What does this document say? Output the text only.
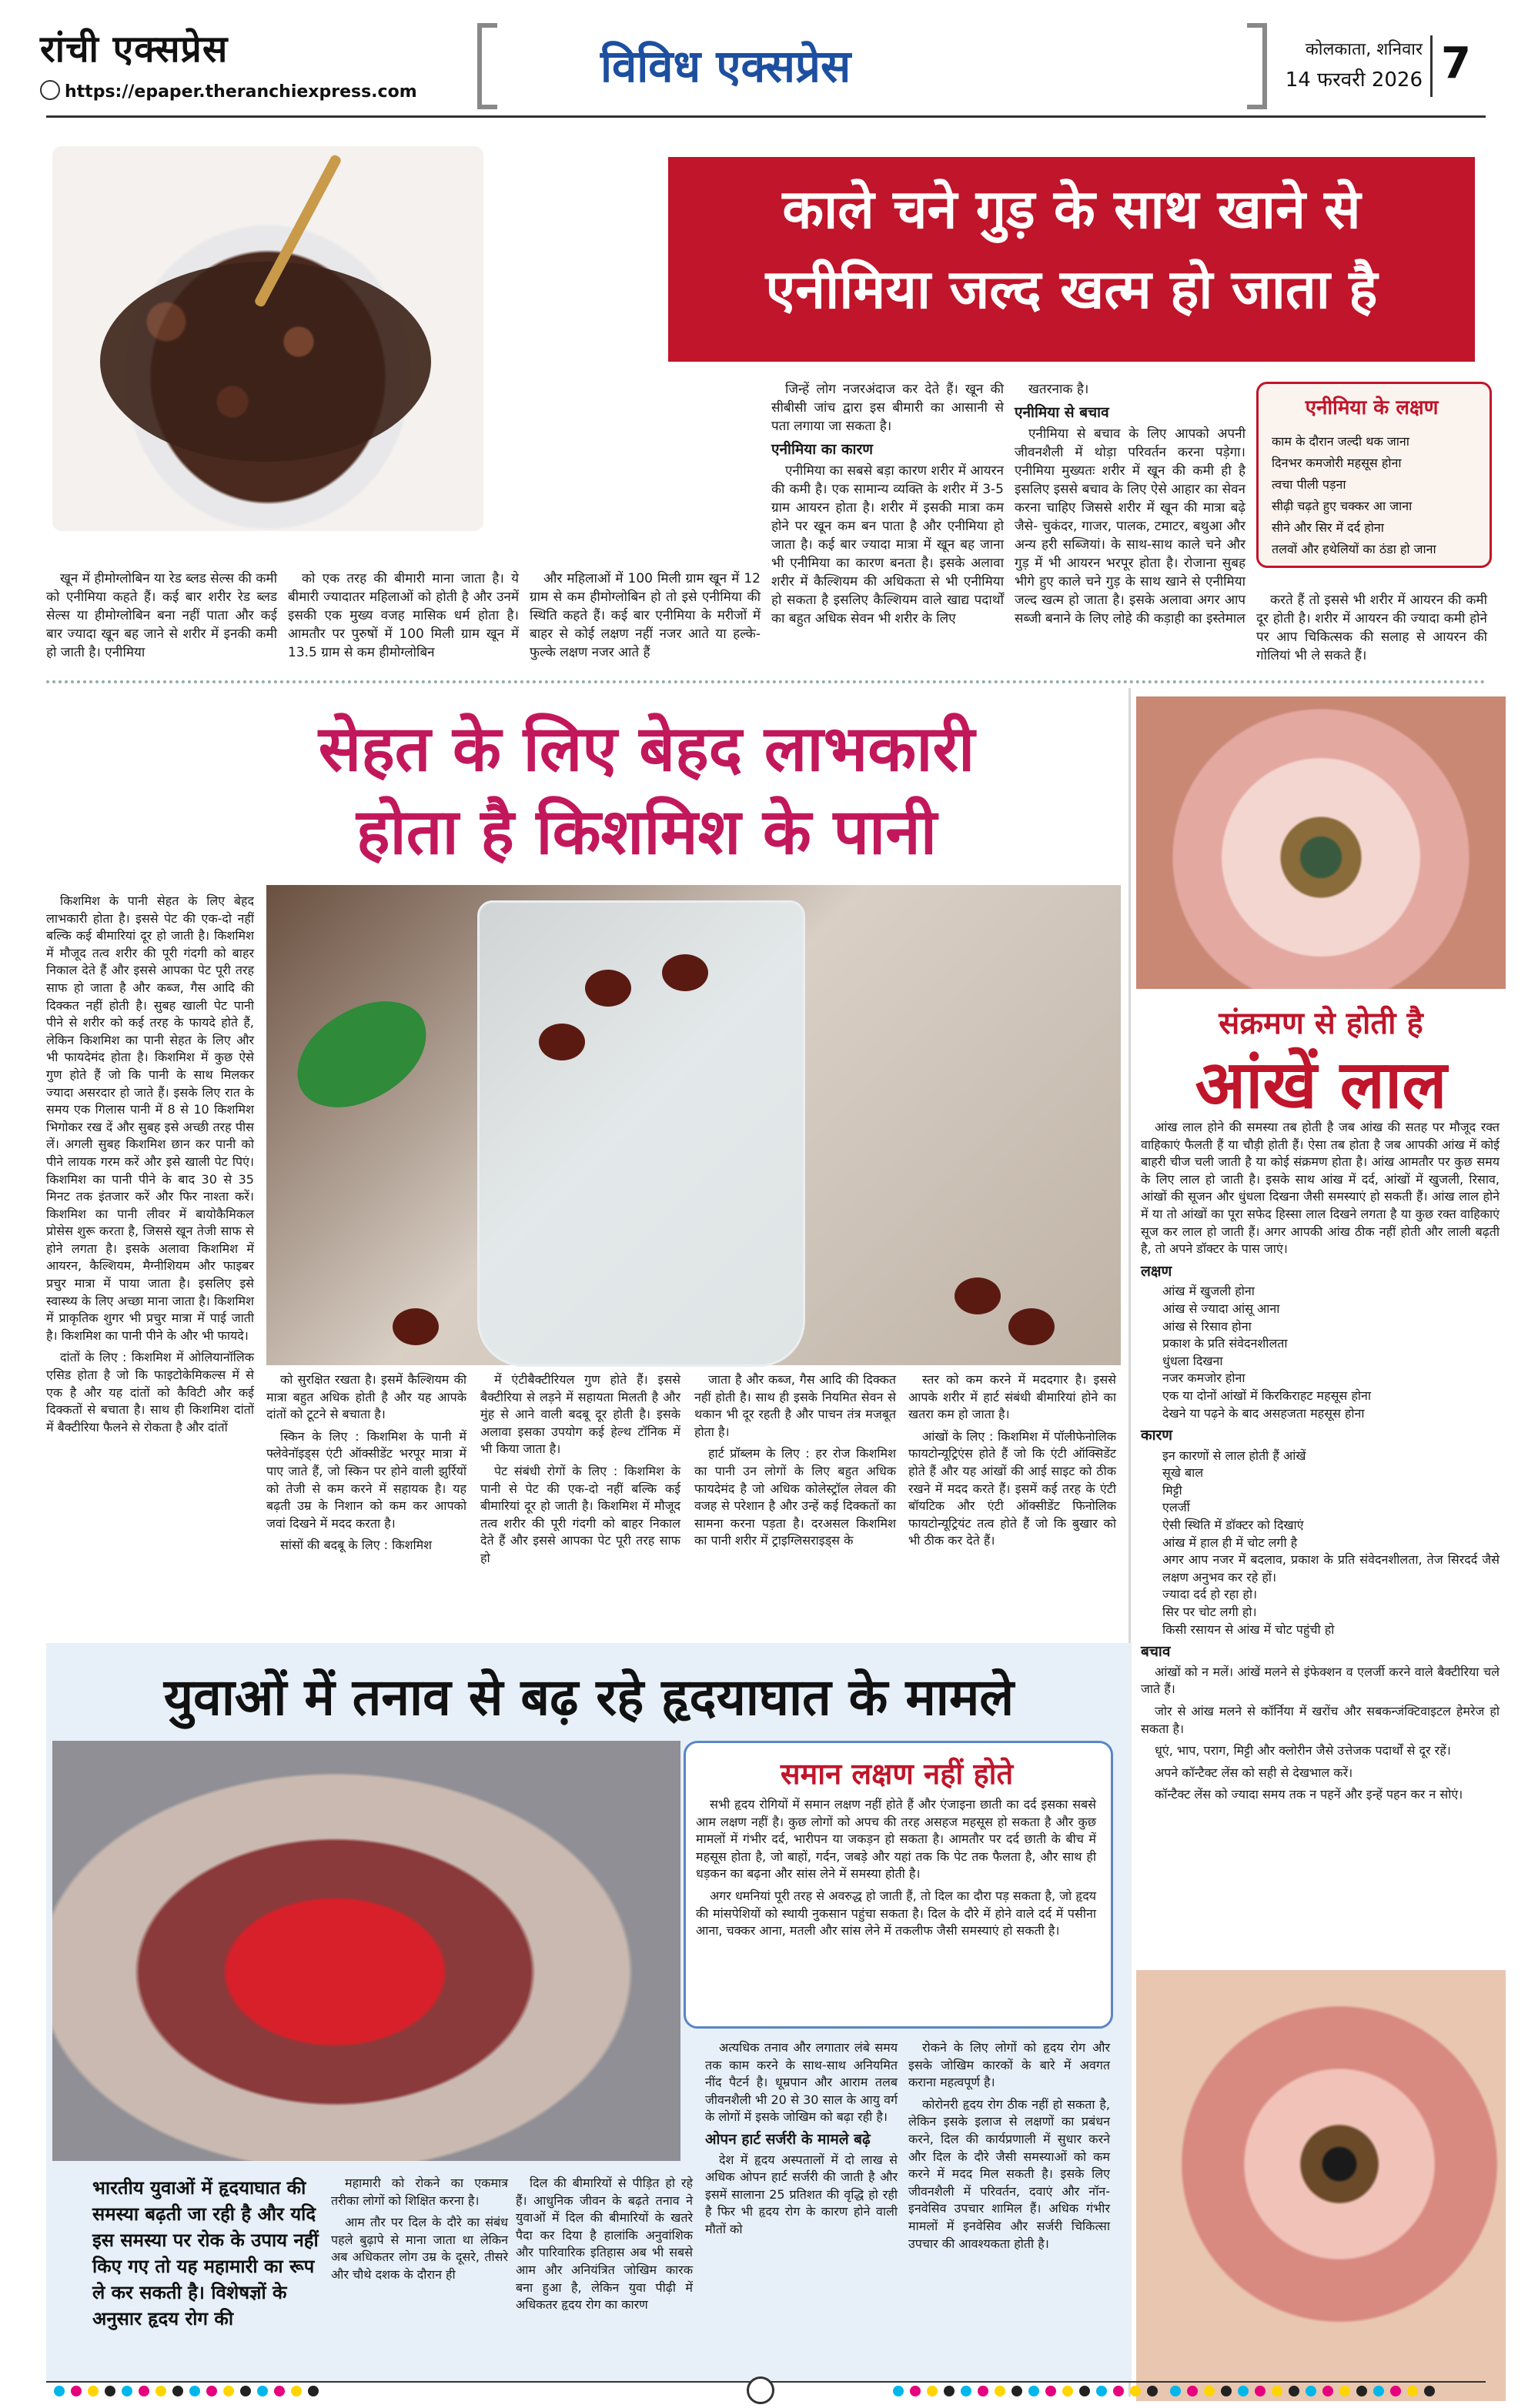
रांची एक्सप्रेस
https://epaper.theranchiexpress.com	विविध एक्सप्रेस	कोलकाता, शनिवार
14 फरवरी 2026 7
काले चने गुड़ के साथ खाने से
एनीमिया जल्द खत्म हो जाता है

खून में हीमोग्लोबिन या रेड ब्लड सेल्स की कमी को एनीमिया कहते हैं। कई बार शरीर रेड ब्लड सेल्स या हीमोग्लोबिन बना नहीं पाता और कई बार ज्यादा खून बह जाने से शरीर में इनकी कमी हो जाती है। एनीमिया

को एक तरह की बीमारी माना जाता है। ये बीमारी ज्यादातर महिलाओं को होती है और उनमें इसकी एक मुख्य वजह मासिक धर्म होता है। आमतौर पर पुरुषों में 100 मिली ग्राम खून में 13.5 ग्राम से कम हीमोग्लोबिन

और महिलाओं में 100 मिली ग्राम खून में 12 ग्राम से कम हीमोग्लोबिन हो तो इसे एनीमिया की स्थिति कहते हैं। कई बार एनीमिया के मरीजों में बाहर से कोई लक्षण नहीं नजर आते या हल्के-फुल्के लक्षण नजर आते हैं

जिन्हें लोग नजरअंदाज कर देते हैं। खून की सीबीसी जांच द्वारा इस बीमारी का आसानी से पता लगाया जा सकता है।

एनीमिया का कारण

एनीमिया का सबसे बड़ा कारण शरीर में आयरन की कमी है। एक सामान्य व्यक्ति के शरीर में 3-5 ग्राम आयरन होता है। शरीर में इसकी मात्रा कम होने पर खून कम बन पाता है और एनीमिया हो जाता है। कई बार ज्यादा मात्रा में खून बह जाना भी एनीमिया का कारण बनता है। इसके अलावा शरीर में कैल्शियम की अधिकता से भी एनीमिया हो सकता है इसलिए कैल्शियम वाले खाद्य पदार्थों का बहुत अधिक सेवन भी शरीर के लिए

खतरनाक है।

एनीमिया से बचाव

एनीमिया से बचाव के लिए आपको अपनी जीवनशैली में थोड़ा परिवर्तन करना पड़ेगा। एनीमिया मुख्यतः शरीर में खून की कमी ही है इसलिए इससे बचाव के लिए ऐसे आहार का सेवन करना चाहिए जिससे शरीर में खून की मात्रा बढ़े जैसे- चुकंदर, गाजर, पालक, टमाटर, बथुआ और अन्य हरी सब्जियां। के साथ-साथ काले चने और गुड़ में भी आयरन भरपूर होता है। रोजाना सुबह भीगे हुए काले चने गुड़ के साथ खाने से एनीमिया जल्द खत्म हो जाता है। इसके अलावा अगर आप सब्जी बनाने के लिए लोहे की कड़ाही का इस्तेमाल

एनीमिया के लक्षण
काम के दौरान जल्दी थक जाना
दिनभर कमजोरी महसूस होना
त्वचा पीली पड़ना
सीढ़ी चढ़ते हुए चक्कर आ जाना
सीने और सिर में दर्द होना
तलवों और हथेलियों का ठंडा हो जाना

करते हैं तो इससे भी शरीर में आयरन की कमी दूर होती है। शरीर में आयरन की ज्यादा कमी होने पर आप चिकित्सक की सलाह से आयरन की गोलियां भी ले सकते हैं।

सेहत के लिए बेहद लाभकारी
होता है किशमिश के पानी

किशमिश के पानी सेहत के लिए बेहद लाभकारी होता है। इससे पेट की एक-दो नहीं बल्कि कई बीमारियां दूर हो जाती है। किशमिश में मौजूद तत्व शरीर की पूरी गंदगी को बाहर निकाल देते हैं और इससे आपका पेट पूरी तरह साफ हो जाता है और कब्ज, गैस आदि की दिक्कत नहीं होती है। सुबह खाली पेट पानी पीने से शरीर को कई तरह के फायदे होते हैं, लेकिन किशमिश का पानी सेहत के लिए और भी फायदेमंद होता है। किशमिश में कुछ ऐसे गुण होते हैं जो कि पानी के साथ मिलकर ज्यादा असरदार हो जाते हैं। इसके लिए रात के समय एक गिलास पानी में 8 से 10 किशमिश भिगोकर रख दें और सुबह इसे अच्छी तरह पीस लें। अगली सुबह किशमिश छान कर पानी को पीने लायक गरम करें और इसे खाली पेट पिएं। किशमिश का पानी पीने के बाद 30 से 35 मिनट तक इंतजार करें और फिर नाश्ता करें। किशमिश का पानी लीवर में बायोकैमिकल प्रोसेस शुरू करता है, जिससे खून तेजी साफ से होने लगता है। इसके अलावा किशमिश में आयरन, कैल्शियम, मैग्नीशियम और फाइबर प्रचुर मात्रा में पाया जाता है। इसलिए इसे स्वास्थ्य के लिए अच्छा माना जाता है। किशमिश में प्राकृतिक शुगर भी प्रचुर मात्रा में पाई जाती है। किशमिश का पानी पीने के और भी फायदे।

दांतों के लिए : किशमिश में ओलियानॉलिक एसिड होता है जो कि फाइटोकेमिकल्स में से एक है और यह दांतों को कैविटी और कई दिक्कतों से बचाता है। साथ ही किशमिश दांतों में बैक्टीरिया फैलने से रोकता है और दांतों

को सुरक्षित रखता है। इसमें कैल्शियम की मात्रा बहुत अधिक होती है और यह आपके दांतों को टूटने से बचाता है।

स्किन के लिए : किशमिश के पानी में फ्लेवेनॉइड्स एंटी ऑक्सीडेंट भरपूर मात्रा में पाए जाते हैं, जो स्किन पर होने वाली झुर्रियों को तेजी से कम करने में सहायक है। यह बढ़ती उम्र के निशान को कम कर आपको जवां दिखने में मदद करता है।

सांसों की बदबू के लिए : किशमिश

में एंटीबैक्टीरियल गुण होते हैं। इससे बैक्टीरिया से लड़ने में सहायता मिलती है और मुंह से आने वाली बदबू दूर होती है। इसके अलावा इसका उपयोग कई हेल्थ टॉनिक में भी किया जाता है।

पेट संबंधी रोगों के लिए : किशमिश के पानी से पेट की एक-दो नहीं बल्कि कई बीमारियां दूर हो जाती है। किशमिश में मौजूद तत्व शरीर की पूरी गंदगी को बाहर निकाल देते हैं और इससे आपका पेट पूरी तरह साफ हो

जाता है और कब्ज, गैस आदि की दिक्कत नहीं होती है। साथ ही इसके नियमित सेवन से थकान भी दूर रहती है और पाचन तंत्र मजबूत होता है।

हार्ट प्रॉब्लम के लिए : हर रोज किशमिश का पानी उन लोगों के लिए बहुत अधिक फायदेमंद है जो अधिक कोलेस्ट्रॉल लेवल की वजह से परेशान है और उन्हें कई दिक्कतों का सामना करना पड़ता है। दरअसल किशमिश का पानी शरीर में ट्राइग्लिसराइड्स के

स्तर को कम करने में मददगार है। इससे आपके शरीर में हार्ट संबंधी बीमारियां होने का खतरा कम हो जाता है।

आंखों के लिए : किशमिश में पॉलीफेनोलिक फायटोन्यूट्रिएंस होते हैं जो कि एंटी ऑक्सिडेंट होते हैं और यह आंखों की आई साइट को ठीक रखने में मदद करते हैं। इसमें कई तरह के एंटी बॉयटिक और एंटी ऑक्सीडेंट फिनोलिक फायटोन्यूट्रियंट तत्व होते हैं जो कि बुखार को भी ठीक कर देते हैं।

संक्रमण से होती है
आंखें लाल

आंख लाल होने की समस्या तब होती है जब आंख की सतह पर मौजूद रक्त वाहिकाएं फैलती हैं या चौड़ी होती हैं। ऐसा तब होता है जब आपकी आंख में कोई बाहरी चीज चली जाती है या कोई संक्रमण होता है। आंख आमतौर पर कुछ समय के लिए लाल हो जाती है। इसके साथ आंख में दर्द, आंखों में खुजली, रिसाव, आंखों की सूजन और धुंधला दिखना जैसी समस्याएं हो सकती हैं। आंख लाल होने में या तो आंखों का पूरा सफेद हिस्सा लाल दिखने लगता है या कुछ रक्त वाहिकाएं सूज कर लाल हो जाती हैं। अगर आपकी आंख ठीक नहीं होती और लाली बढ़ती है, तो अपने डॉक्टर के पास जाएं।

लक्षण
आंख में खुजली होना
आंख से ज्यादा आंसू आना
आंख से रिसाव होना
प्रकाश के प्रति संवेदनशीलता
धुंधला दिखना
नजर कमजोर होना
एक या दोनों आंखों में किरकिराहट महसूस होना
देखने या पढ़ने के बाद असहजता महसूस होना
कारण
इन कारणों से लाल होती हैं आंखें
सूखे बाल
मिट्टी
एलर्जी
ऐसी स्थिति में डॉक्टर को दिखाएं
आंख में हाल ही में चोट लगी है
अगर आप नजर में बदलाव, प्रकाश के प्रति संवेदनशीलता, तेज सिरदर्द जैसे लक्षण अनुभव कर रहे हों।
ज्यादा दर्द हो रहा हो।
सिर पर चोट लगी हो।
किसी रसायन से आंख में चोट पहुंची हो
बचाव

आंखों को न मलें। आंखें मलने से इंफेक्शन व एलर्जी करने वाले बैक्टीरिया चले जाते हैं।

जोर से आंख मलने से कॉर्निया में खरोंच और सबकन्जंक्टिवाइटल हेमरेज हो सकता है।

धूएं, भाप, पराग, मिट्टी और क्लोरीन जैसे उत्तेजक पदार्थों से दूर रहें।

अपने कॉन्टैक्ट लेंस को सही से देखभाल करें।

कॉन्टैक्ट लेंस को ज्यादा समय तक न पहनें और इन्हें पहन कर न सोएं।

युवाओं में तनाव से बढ़ रहे हृदयाघात के मामले
समान लक्षण नहीं होते

सभी हृदय रोगियों में समान लक्षण नहीं होते हैं और एंजाइना छाती का दर्द इसका सबसे आम लक्षण नहीं है। कुछ लोगों को अपच की तरह असहज महसूस हो सकता है और कुछ मामलों में गंभीर दर्द, भारीपन या जकड़न हो सकता है। आमतौर पर दर्द छाती के बीच में महसूस होता है, जो बाहों, गर्दन, जबड़े और यहां तक कि पेट तक फैलता है, और साथ ही धड़कन का बढ़ना और सांस लेने में समस्या होती है।

अगर धमनियां पूरी तरह से अवरुद्ध हो जाती हैं, तो दिल का दौरा पड़ सकता है, जो हृदय की मांसपेशियों को स्थायी नुकसान पहुंचा सकता है। दिल के दौरे में होने वाले दर्द में पसीना आना, चक्कर आना, मतली और सांस लेने में तकलीफ जैसी समस्याएं हो सकती है।

भारतीय युवाओं में हृदयाघात की समस्या बढ़ती जा रही है और यदि इस समस्या पर रोक के उपाय नहीं किए गए तो यह महामारी का रूप ले कर सकती है। विशेषज्ञों के अनुसार हृदय रोग की

महामारी को रोकने का एकमात्र तरीका लोगों को शिक्षित करना है।

आम तौर पर दिल के दौरे का संबंध पहले बुढ़ापे से माना जाता था लेकिन अब अधिकतर लोग उम्र के दूसरे, तीसरे और चौथे दशक के दौरान ही

दिल की बीमारियों से पीड़ित हो रहे हैं। आधुनिक जीवन के बढ़ते तनाव ने युवाओं में दिल की बीमारियों के खतरे पैदा कर दिया है हालांकि अनुवांशिक और पारिवारिक इतिहास अब भी सबसे आम और अनियंत्रित जोखिम कारक बना हुआ है, लेकिन युवा पीढ़ी में अधिकतर हृदय रोग का कारण

अत्यधिक तनाव और लगातार लंबे समय तक काम करने के साथ-साथ अनियमित नींद पैटर्न है। धूम्रपान और आराम तलब जीवनशैली भी 20 से 30 साल के आयु वर्ग के लोगों में इसके जोखिम को बढ़ा रही है।

ओपन हार्ट सर्जरी के मामले बढ़े

देश में हृदय अस्पतालों में दो लाख से अधिक ओपन हार्ट सर्जरी की जाती है और इसमें सालाना 25 प्रतिशत की वृद्धि हो रही है फिर भी हृदय रोग के कारण होने वाली मौतों को

रोकने के लिए लोगों को हृदय रोग और इसके जोखिम कारकों के बारे में अवगत कराना महत्वपूर्ण है।

कोरोनरी हृदय रोग ठीक नहीं हो सकता है, लेकिन इसके इलाज से लक्षणों का प्रबंधन करने, दिल की कार्यप्रणाली में सुधार करने और दिल के दौरे जैसी समस्याओं को कम करने में मदद मिल सकती है। इसके लिए जीवनशैली में परिवर्तन, दवाएं और नॉन-इनवेसिव उपचार शामिल हैं। अधिक गंभीर मामलों में इनवेसिव और सर्जरी चिकित्सा उपचार की आवश्यकता होती है।
